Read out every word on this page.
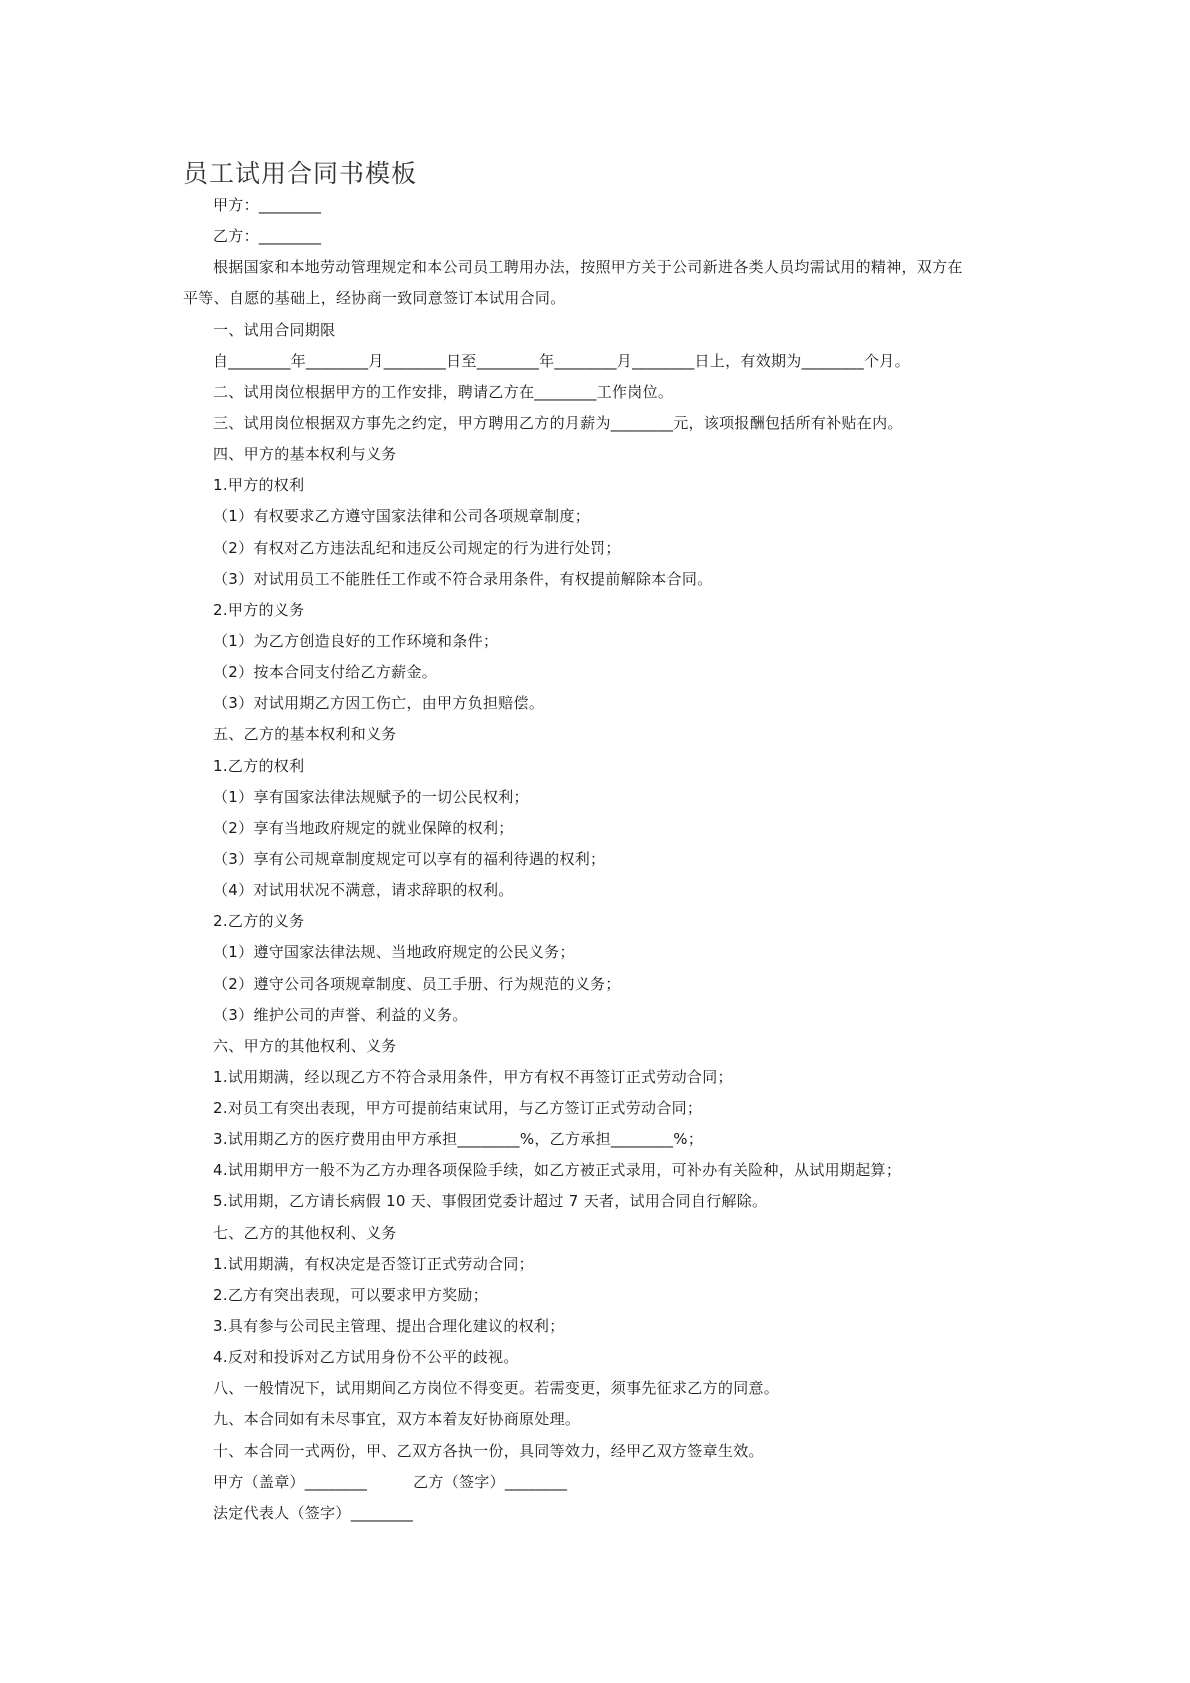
员工试用合同书模板
甲方：________
乙方：________
根据国家和本地劳动管理规定和本公司员工聘用办法，按照甲方关于公司新进各类人员均需试用的精神，双方在
平等、自愿的基础上，经协商一致同意签订本试用合同。
一、试用合同期限
自________年________月________日至________年________月________日上，有效期为________个月。
二、试用岗位根据甲方的工作安排，聘请乙方在________工作岗位。
三、试用岗位根据双方事先之约定，甲方聘用乙方的月薪为________元，该项报酬包括所有补贴在内。
四、甲方的基本权利与义务
1.甲方的权利
（1）有权要求乙方遵守国家法律和公司各项规章制度；
（2）有权对乙方违法乱纪和违反公司规定的行为进行处罚；
（3）对试用员工不能胜任工作或不符合录用条件，有权提前解除本合同。
2.甲方的义务
（1）为乙方创造良好的工作环境和条件；
（2）按本合同支付给乙方薪金。
（3）对试用期乙方因工伤亡，由甲方负担赔偿。
五、乙方的基本权利和义务
1.乙方的权利
（1）享有国家法律法规赋予的一切公民权利；
（2）享有当地政府规定的就业保障的权利；
（3）享有公司规章制度规定可以享有的福利待遇的权利；
（4）对试用状况不满意，请求辞职的权利。
2.乙方的义务
（1）遵守国家法律法规、当地政府规定的公民义务；
（2）遵守公司各项规章制度、员工手册、行为规范的义务；
（3）维护公司的声誉、利益的义务。
六、甲方的其他权利、义务
1.试用期满，经以现乙方不符合录用条件，甲方有权不再签订正式劳动合同；
2.对员工有突出表现，甲方可提前结束试用，与乙方签订正式劳动合同；
3.试用期乙方的医疗费用由甲方承担________%，乙方承担________%；
4.试用期甲方一般不为乙方办理各项保险手续，如乙方被正式录用，可补办有关险种，从试用期起算；
5.试用期，乙方请长病假 10 天、事假团党委计超过 7 天者，试用合同自行解除。
七、乙方的其他权利、义务
1.试用期满，有权决定是否签订正式劳动合同；
2.乙方有突出表现，可以要求甲方奖励；
3.具有参与公司民主管理、提出合理化建议的权利；
4.反对和投诉对乙方试用身份不公平的歧视。
八、一般情况下，试用期间乙方岗位不得变更。若需变更，须事先征求乙方的同意。
九、本合同如有未尽事宜，双方本着友好协商原处理。
十、本合同一式两份，甲、乙双方各执一份，具同等效力，经甲乙双方签章生效。
甲方（盖章）________　　　乙方（签字）________
法定代表人（签字）________
